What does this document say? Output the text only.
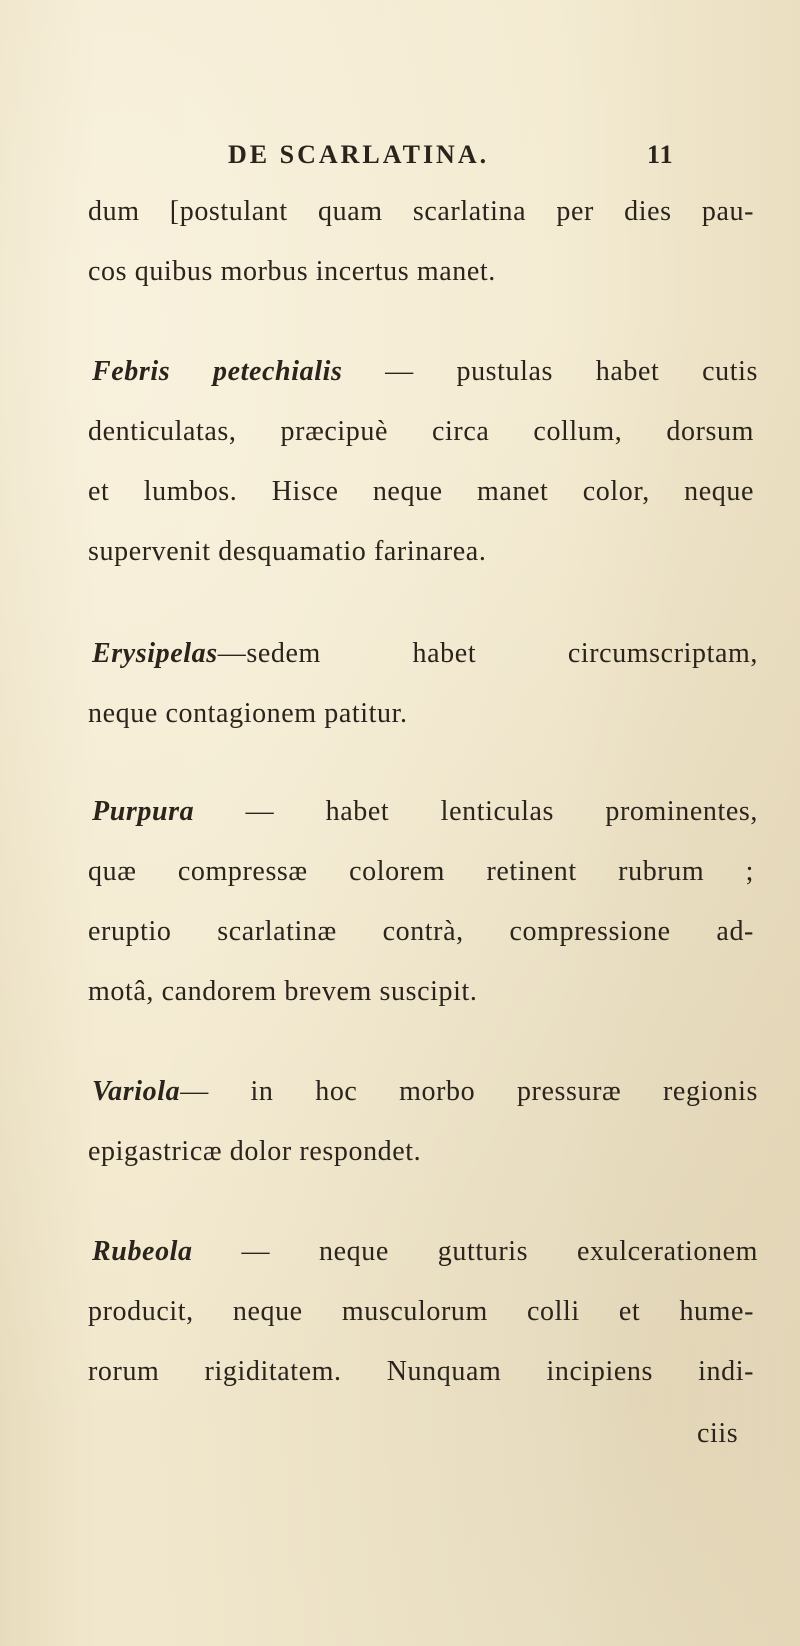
DE SCARLATINA.	11
dum [postulant quam scarlatina per dies pau-
cos quibus morbus incertus manet.
Febris petechialis — pustulas habet cutis
denticulatas, præcipuè circa collum, dorsum
et lumbos. Hisce neque manet color, neque
supervenit desquamatio farinarea.
Erysipelas—sedem habet circumscriptam,
neque contagionem patitur.
Purpura — habet lenticulas prominentes,
quæ compressæ colorem retinent rubrum ;
eruptio scarlatinæ contrà, compressione ad-
motâ, candorem brevem suscipit.
Variola— in hoc morbo pressuræ regionis
epigastricæ dolor respondet.
Rubeola — neque gutturis exulcerationem
producit, neque musculorum colli et hume-
rorum rigiditatem. Nunquam incipiens indi-
ciis
